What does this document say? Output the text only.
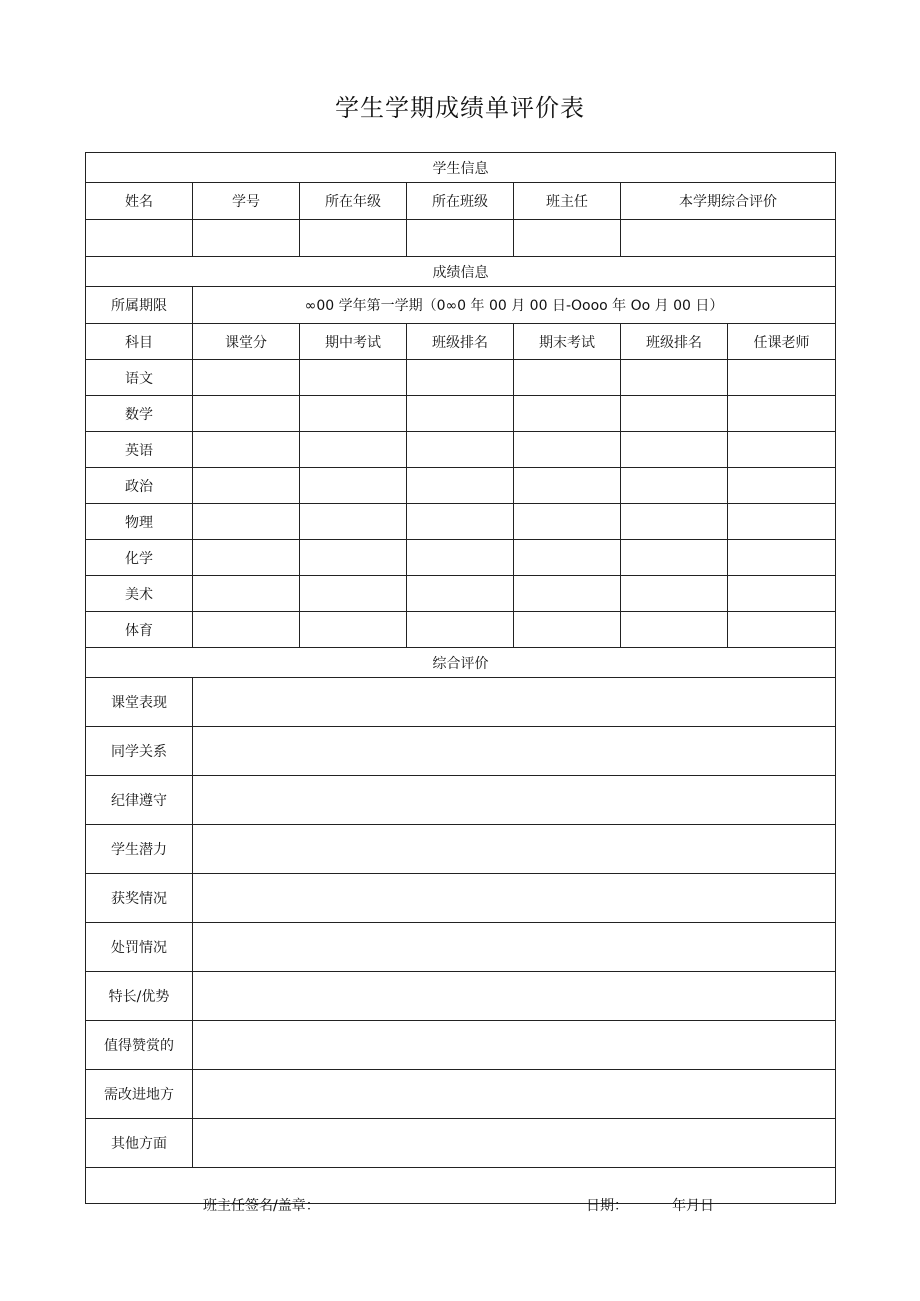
学生学期成绩单评价表
学生信息						
姓名	学号	所在年级	所在班级	班主任	本学期综合评价	

成绩信息						
所属期限	∞00 学年第一学期（0∞0 年 00 月 00 日-Oooo 年 Oo 月 00 日）					
科目	课堂分	期中考试	班级排名	期末考试	班级排名	任课老师
语文						
数学						
英语						
政治						
物理						
化学						
美术						
体育						
综合评价						
课堂表现						
同学关系						
纪律遵守						
学生潜力						
获奖情况						
处罚情况						
特长/优势						
值得赞赏的						
需改进地方						
其他方面						

班主任签名/盖章： 日期： 年月日						
